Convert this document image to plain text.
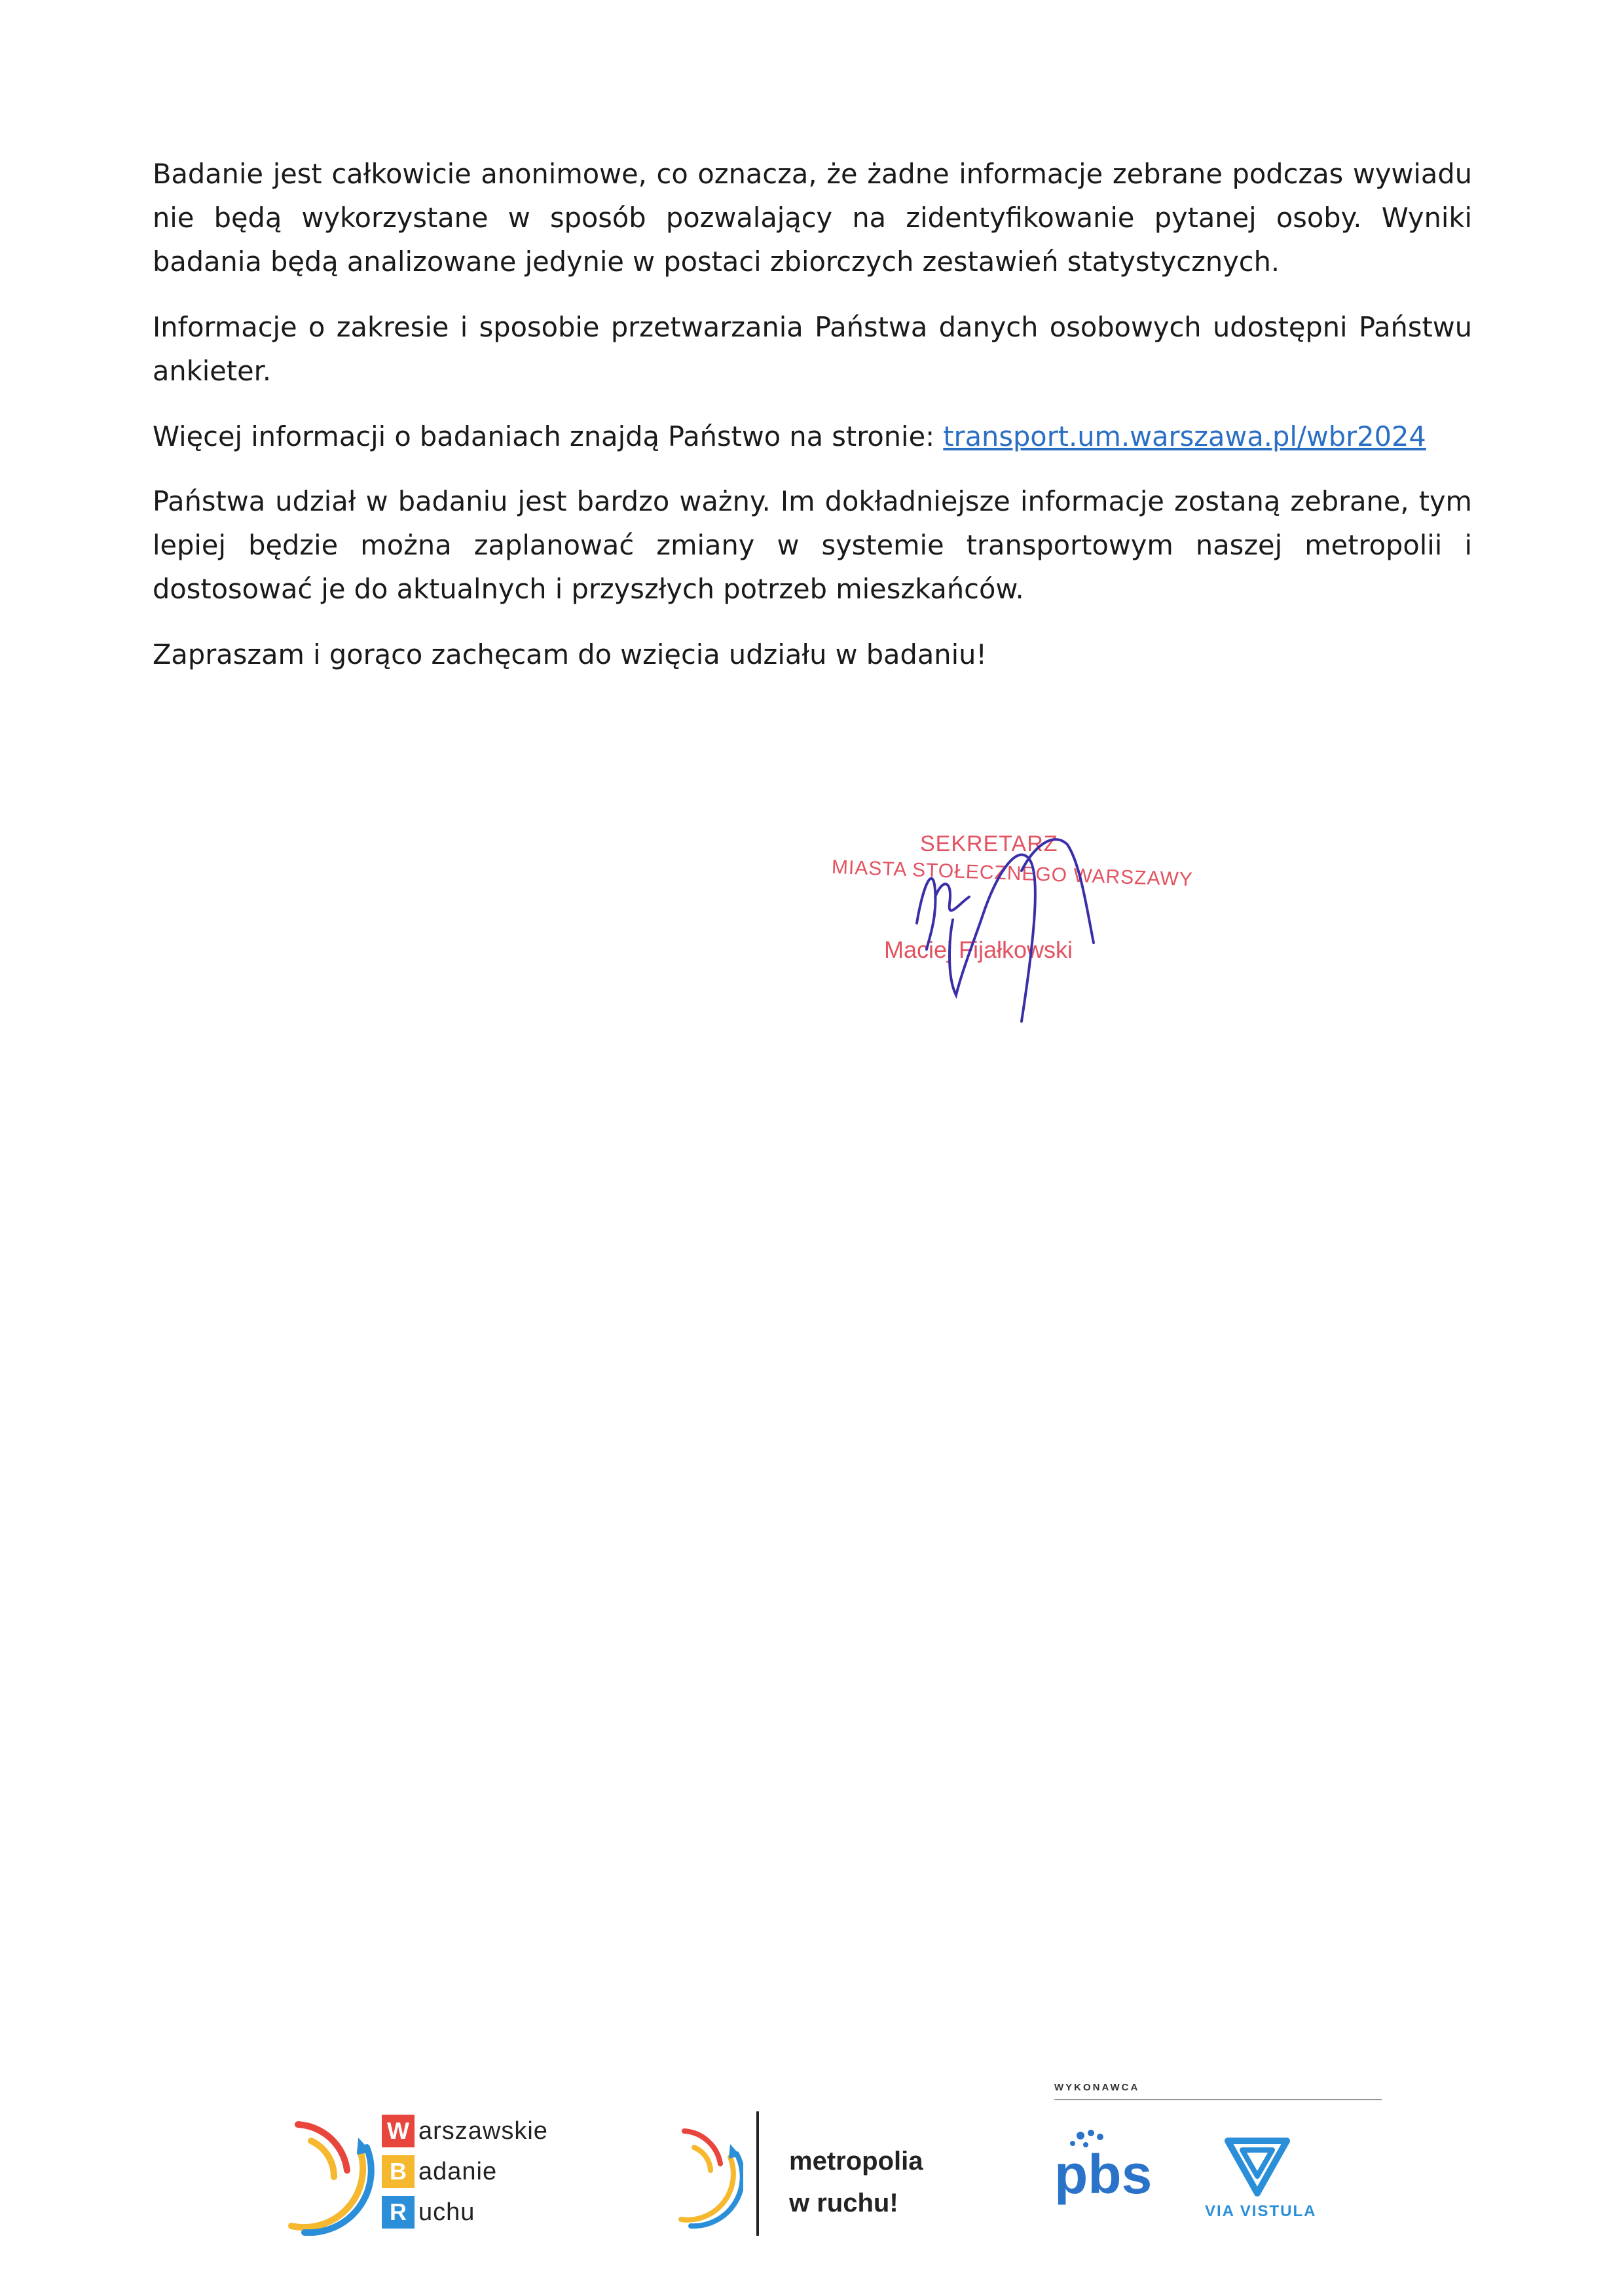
Badanie jest całkowicie anonimowe, co oznacza, że żadne informacje zebrane podczas wywiadu nie będą wykorzystane w sposób pozwalający na zidentyfikowanie pytanej osoby. Wyniki badania będą analizowane jedynie w postaci zbiorczych zestawień statystycznych.

Informacje o zakresie i sposobie przetwarzania Państwa danych osobowych udostępni Państwu ankieter.

Więcej informacji o badaniach znajdą Państwo na stronie: transport.um.warszawa.pl/wbr2024

Państwa udział w badaniu jest bardzo ważny. Im dokładniejsze informacje zostaną zebrane, tym lepiej będzie można zaplanować zmiany w systemie transportowym naszej metropolii i dostosować je do aktualnych i przyszłych potrzeb mieszkańców.

Zapraszam i gorąco zachęcam do wzięcia udziału w badaniu!

SEKRETARZ
MIASTA STOŁECZNEGO WARSZAWY
Maciej Fijałkowski
W arszawskie
B adanie
R uchu
metropolia
w ruchu!
WYKONAWCA
pbs
VIA VISTULA
